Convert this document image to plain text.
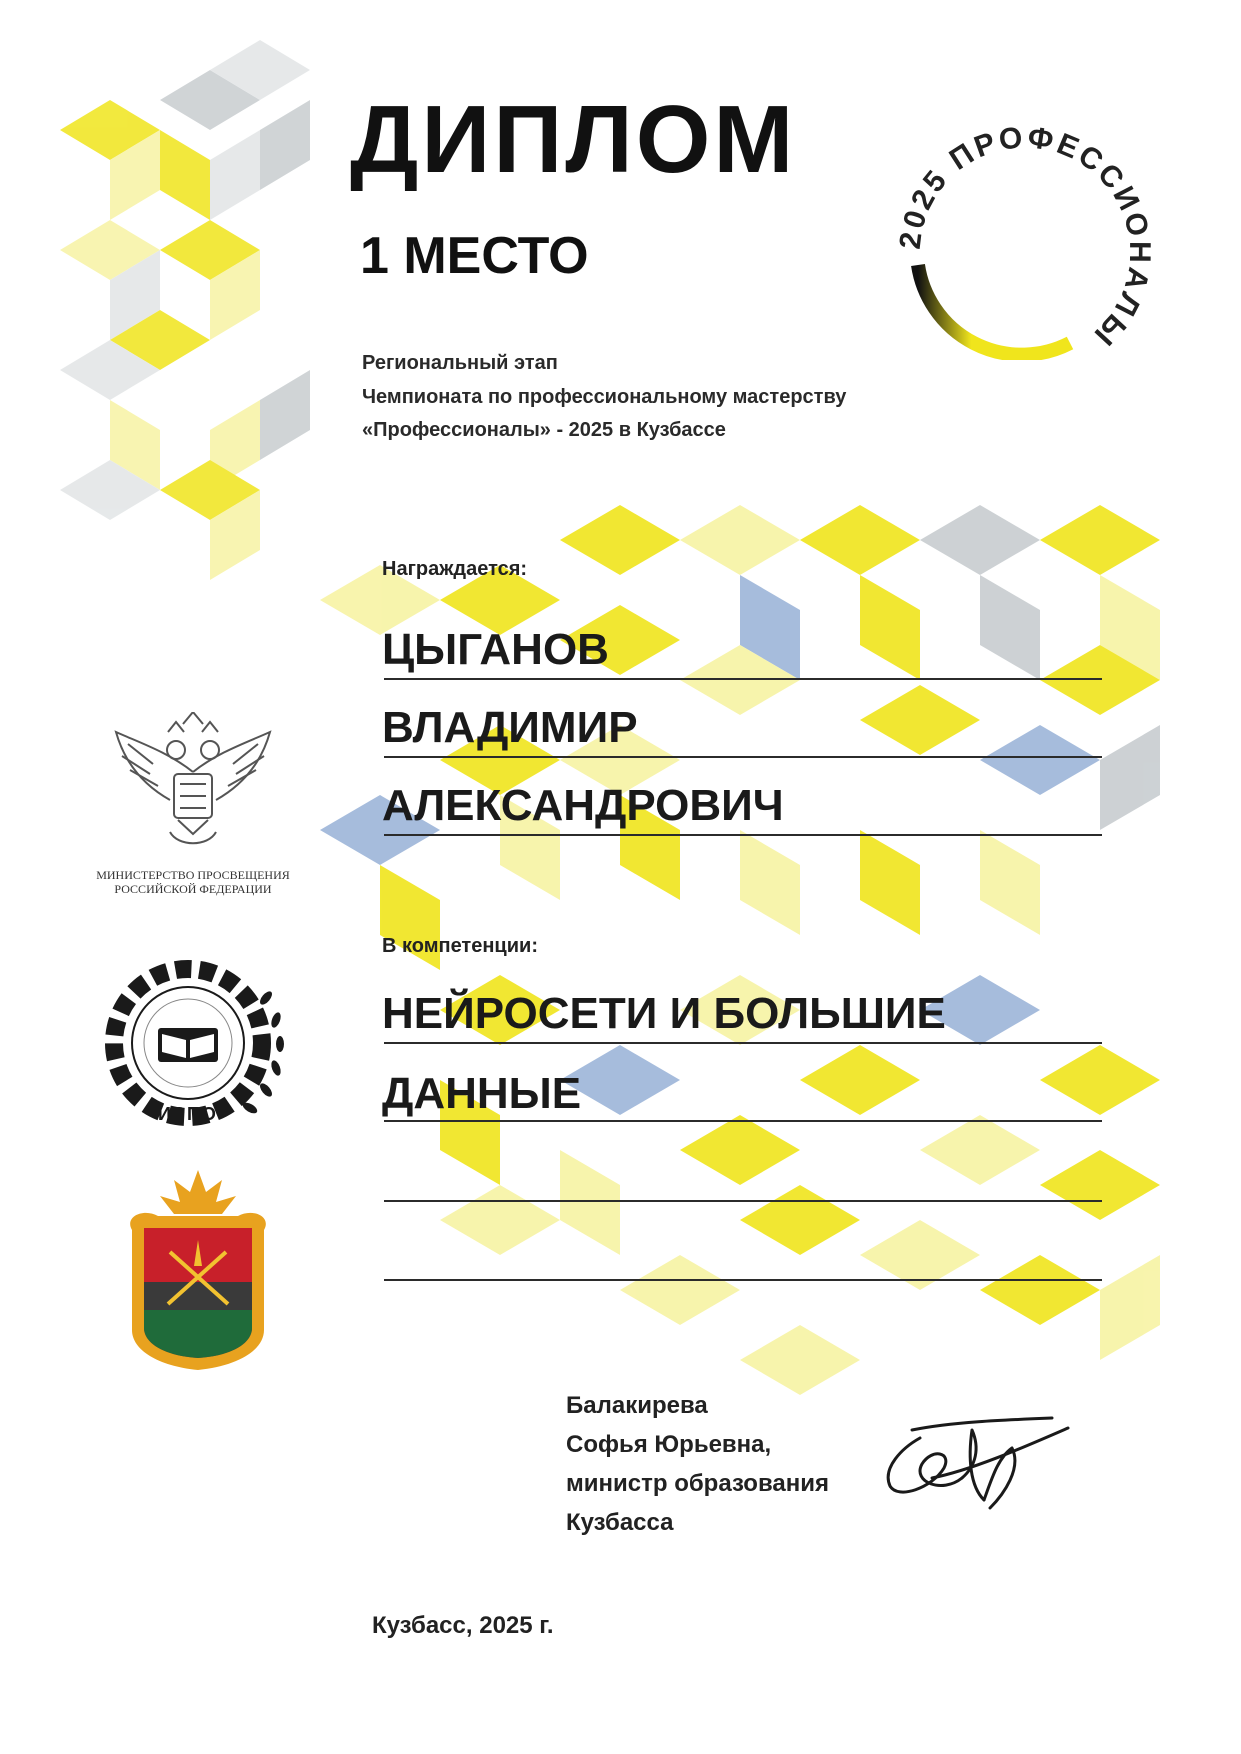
ДИПЛОМ
1 МЕСТО	2025 ПРОФЕССИОНАЛЫ
Региональный этап
Чемпионата по профессиональному мастерству
«Профессионалы» - 2025 в Кузбассе
Награждается:
ЦЫГАНОВ
ВЛАДИМИР
АЛЕКСАНДРОВИЧ
В компетенции:
НЕЙРОСЕТИ И БОЛЬШИЕ
ДАННЫЕ
МИНИСТЕРСТВО ПРОСВЕЩЕНИЯ РОССИЙСКОЙ ФЕДЕРАЦИИ
ИРПО
Балакирева
Софья Юрьевна,
министр образования
Кузбасса
Кузбасс, 2025 г.
